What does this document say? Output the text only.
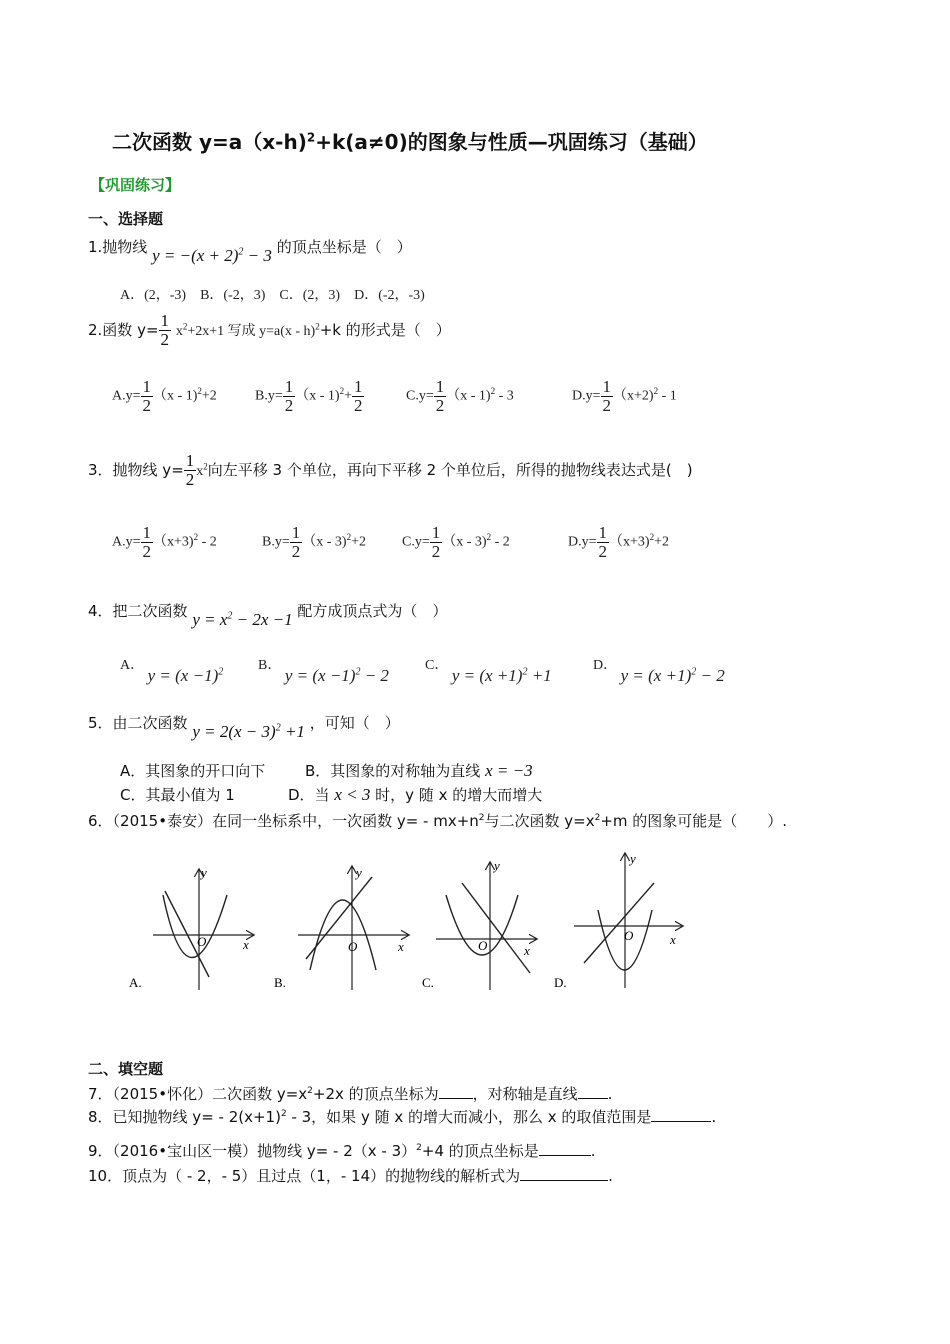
二次函数 y=a（x-h)$^2$+k(a≠0)的图象与性质—巩固练习（基础）
【巩固练习】
一、选择题
1.抛物线 $y = -(x + 2)^2 - 3$ 的顶点坐标是（　）
A．(2，-3)　B．(-2，3)　C．(2，3)　D．(-2，-3)
2.函数 $y= \frac{1}{2} x^2+2x+1$ 写成 y=a(x - h)$^2$+k 的形式是（　）
$A.y= \frac{1}{2} (x - 1)^2+2$	$B.y= \frac{1}{2} (x - 1)^2+ \frac{1}{2}$	$C.y= \frac{1}{2} (x - 1)^2 - 3$	$D.y= \frac{1}{2} (x+2)^2 - 1$
3．抛物线 $y= \frac{1}{2} x^2$向左平移 3 个单位，再向下平移 2 个单位后，所得的抛物线表达式是(　)
$A.y= \frac{1}{2} (x+3)^2 - 2$	$B.y= \frac{1}{2} (x - 3)^2+2$	$C.y= \frac{1}{2} (x - 3)^2 - 2$	$D.y= \frac{1}{2} (x+3)^2+2$
4．把二次函数 $y = x^2 - 2x -1$ 配方成顶点式为（　）
A． $y = (x -1)^2$ B． $y = (x -1)^2 - 2$
C． $y = (x +1)^2 +1$
D． $y = (x +1)^2 - 2$
5．由二次函数 $y = 2(x - 3)^2 +1$ ，可知（　）
A．其图象的开口向下	B．其图象的对称轴为直线 x = −3
C．其最小值为 1	D．当 x < 3 时，y 随 x 的增大而增大
6．（2015•泰安）在同一坐标系中，一次函数 $y= - mx+n^2$与二次函数 $y=x^2+m$ 的图象可能是（　　）.
y
x
O
A.
y
x
O
B.
y
x
O
C.
y
x
O
D.
二、填空题
7．（2015•怀化）二次函数 $y=x^2+2x$ 的顶点坐标为 ，对称轴是直线 .
8．已知抛物线 $y= - 2(x+1)^2 - 3$，如果 y 随 x 的增大而减小，那么 x 的取值范围是	.
9．（2016•宝山区一模）抛物线 y= - 2（x - 3）$^2$+4 的顶点坐标是	.
10．顶点为（ - 2，- 5）且过点（1，- 14）的抛物线的解析式为	.
